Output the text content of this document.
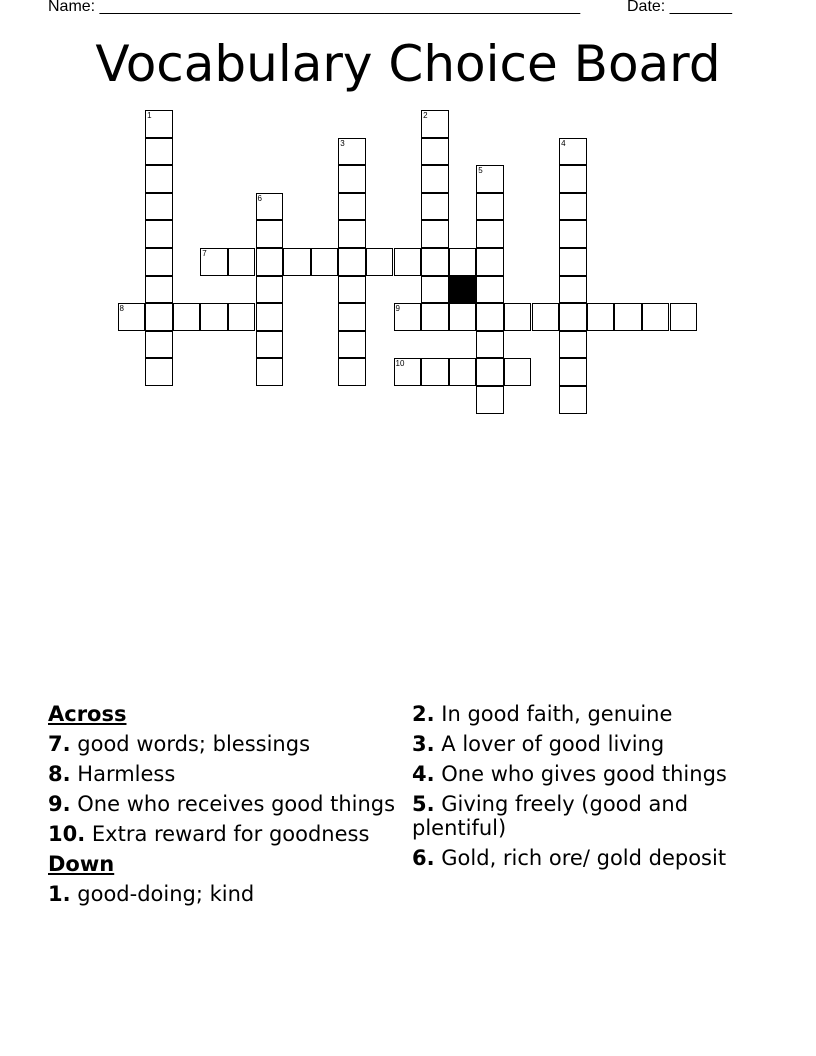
Name: ______________________________________________________	Date: _______
Vocabulary Choice Board
1	2
3	4
5
6
7
8	9
10
Across
7. good words; blessings
8. Harmless
9. One who receives good things
10. Extra reward for goodness
Down
1. good-doing; kind
2. In good faith, genuine
3. A lover of good living
4. One who gives good things
5. Giving freely (good and plentiful)
6. Gold, rich ore/ gold deposit
